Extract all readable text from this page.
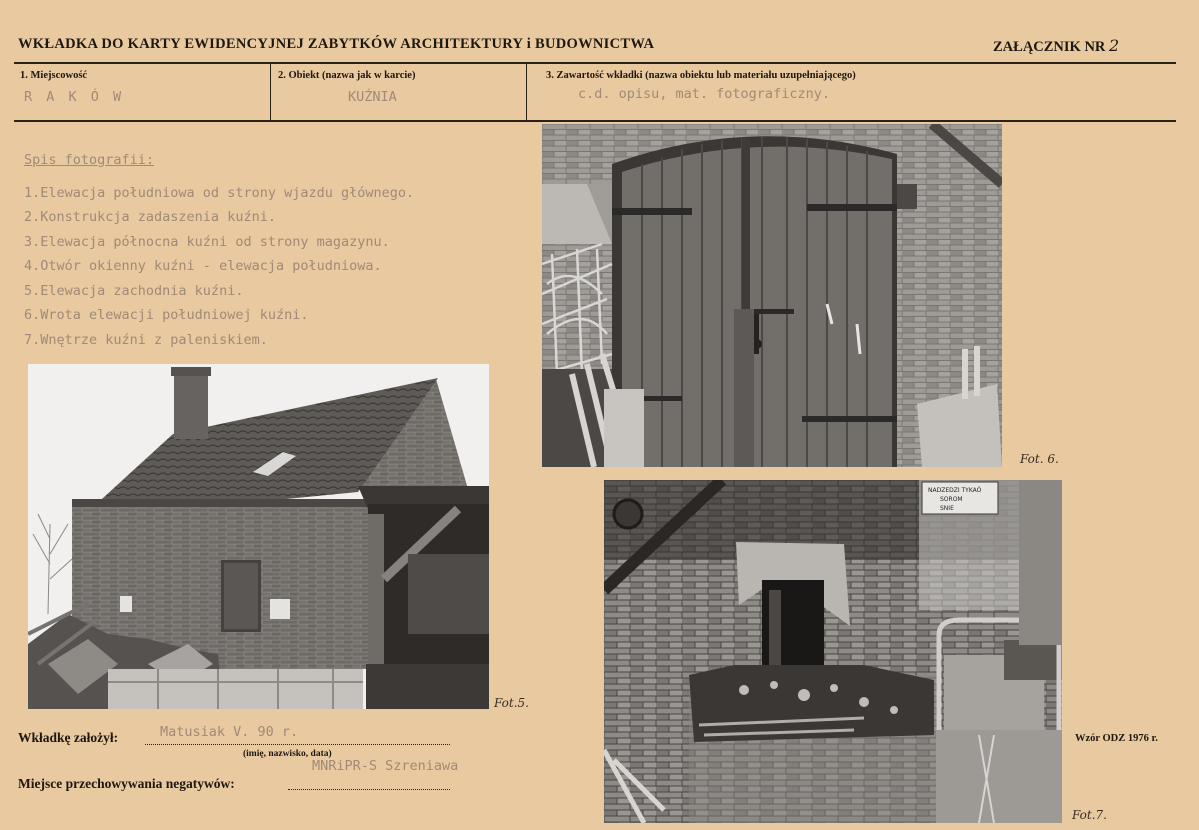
WKŁADKA DO KARTY EWIDENCYJNEJ ZABYTKÓW ARCHITEKTURY i BUDOWNICTWA	ZAŁĄCZNIK NR 2
1. Miejscowość
R A K Ó W
2. Obiekt (nazwa jak w karcie)
KUŹNIA
3. Zawartość wkładki (nazwa obiektu lub materiału uzupełniającego)
c.d. opisu, mat. fotograficzny.
Spis fotografii:
1.Elewacja południowa od strony wjazdu głównego.
2.Konstrukcja zadaszenia kuźni.
3.Elewacja północna kuźni od strony magazynu.
4.Otwór okienny kuźni - elewacja południowa.
5.Elewacja zachodnia kuźni.
6.Wrota elewacji południowej kuźni.
7.Wnętrze kuźni z paleniskiem.
Fot.5.
Fot. 6.
NADZEDZI TYKAÓ
SOROM
SNIE
Fot.7.
Wkładkę założył:	Matusiak V. 90 r.
(imię, nazwisko, data)
Miejsce przechowywania negatywów:
MNRiPR-S Szreniawa
Wzór ODZ 1976 r.
